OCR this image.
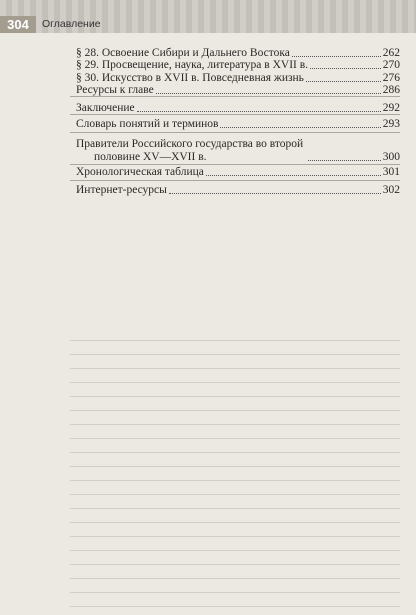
304	Оглавление
§ 28. Освоение Сибири и Дальнего Востока	262
§ 29. Просвещение, наука, литература в XVII в.	270
§ 30. Искусство в XVII в. Повседневная жизнь	276
Ресурсы к главе	286
Заключение	292
Словарь понятий и терминов	293
Правители Российского государства во второй
половине XV—XVII в.	300
Хронологическая таблица	301
Интернет-ресурсы	302
